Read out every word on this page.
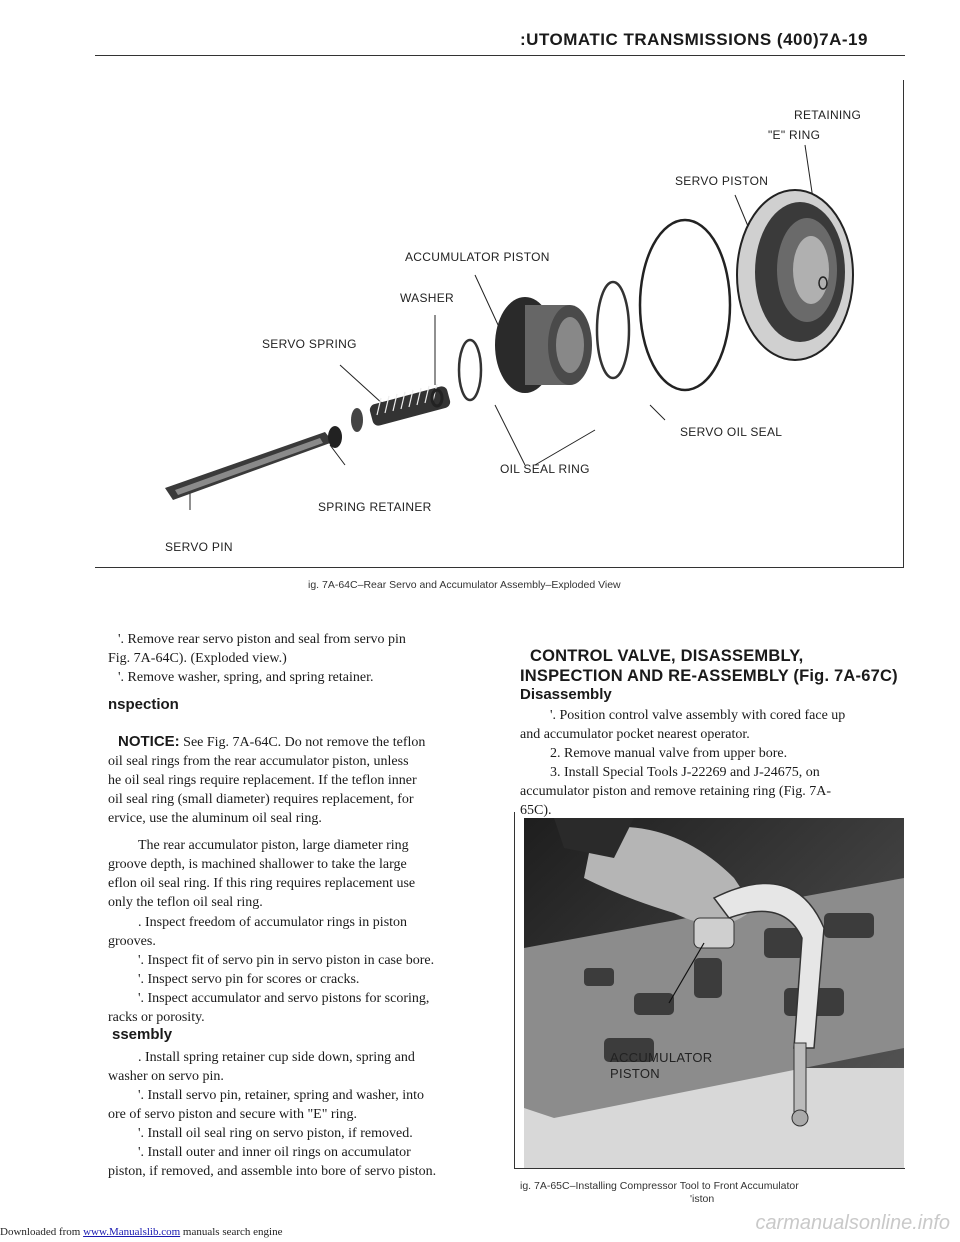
:UTOMATIC TRANSMISSIONS (400)7A-19
RETAINING
"E" RING
SERVO PISTON
ACCUMULATOR PISTON
WASHER
SERVO SPRING
SERVO OIL SEAL
OIL SEAL RING
SPRING RETAINER
SERVO PIN
ig. 7A-64C–Rear Servo and Accumulator Assembly–Exploded View
'. Remove rear servo piston and seal from servo pin
Fig. 7A-64C). (Exploded view.)
'. Remove washer, spring, and spring retainer.
nspection
NOTICE: See Fig. 7A-64C. Do not remove the teflon
oil seal rings from the rear accumulator piston, unless
he oil seal rings require replacement. If the teflon inner
oil seal ring (small diameter) requires replacement, for
ervice, use the aluminum oil seal ring.
The rear accumulator piston, large diameter ring
groove depth, is machined shallower to take the large
eflon oil seal ring. If this ring requires replacement use
only the teflon oil seal ring.
. Inspect freedom of accumulator rings in piston
grooves.
'. Inspect fit of servo pin in servo piston in case bore.
'. Inspect servo pin for scores or cracks.
'. Inspect accumulator and servo pistons for scoring,
racks or porosity.
ssembly
. Install spring retainer cup side down, spring and
washer on servo pin.
'. Install servo pin, retainer, spring and washer, into
ore of servo piston and secure with "E" ring.
'. Install oil seal ring on servo piston, if removed.
'. Install outer and inner oil rings on accumulator
piston, if removed, and assemble into bore of servo piston.
CONTROL VALVE, DISASSEMBLY,
INSPECTION AND RE-ASSEMBLY (Fig. 7A-67C)
Disassembly
'. Position control valve assembly with cored face up
and accumulator pocket nearest operator.
2. Remove manual valve from upper bore.
3. Install Special Tools J-22269 and J-24675, on
accumulator piston and remove retaining ring (Fig. 7A-
65C).
ACCUMULATOR
PISTON
ig. 7A-65C–Installing Compressor Tool to Front Accumulator
'iston
Downloaded from www.Manualslib.com manuals search engine	carmanualsonline.info
